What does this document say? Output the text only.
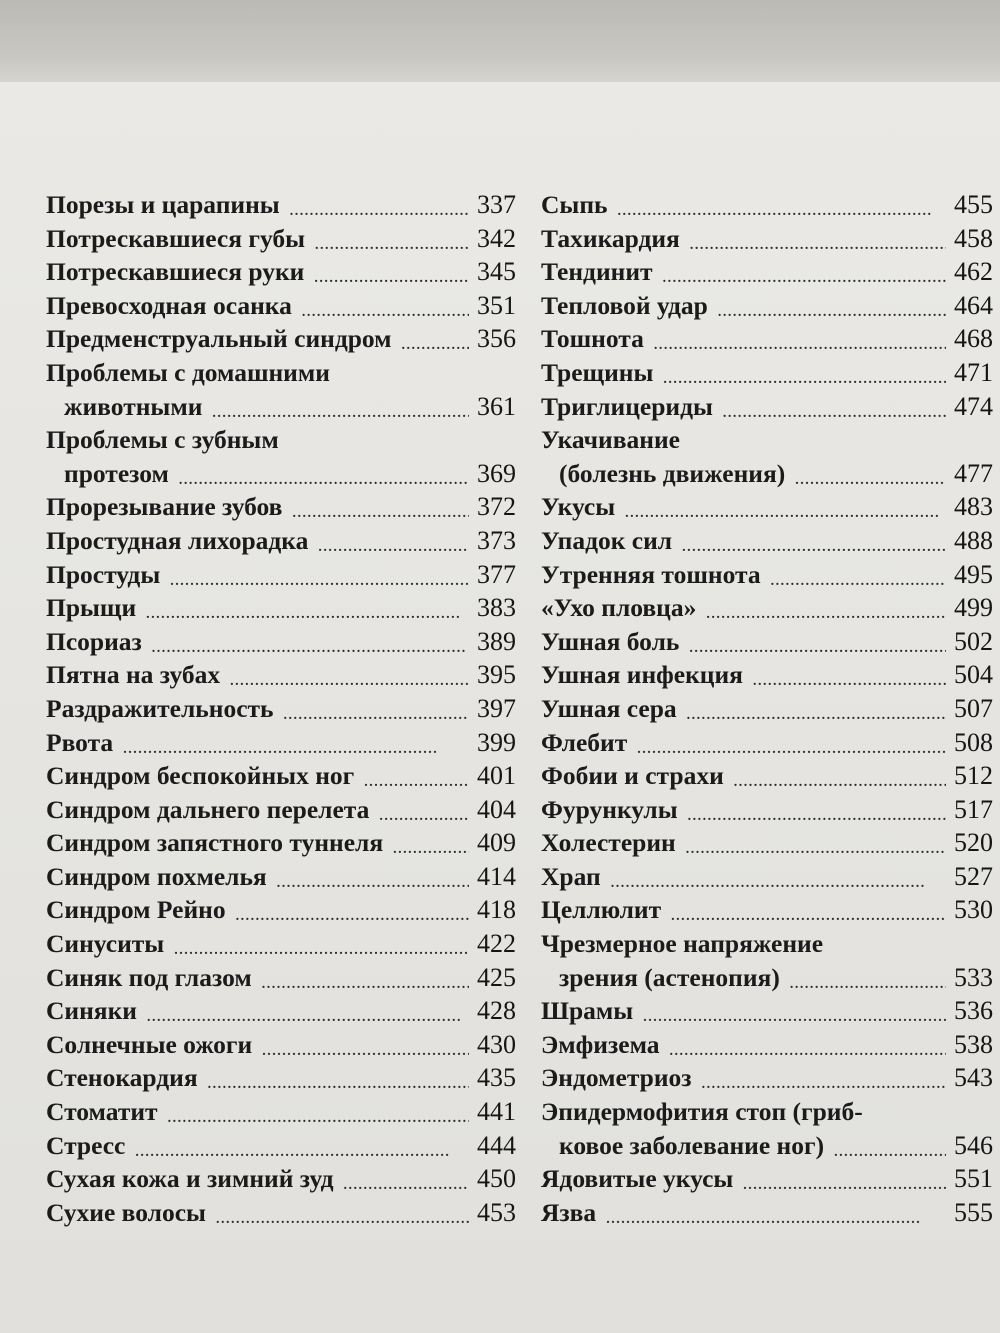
Порезы и царапины . . .	337
Потрескавшиеся губы . . .	342
Потрескавшиеся руки . . .	345
Превосходная осанка . . .	351
Предменструальный синдром . . .	356
Проблемы с домашними
животными . . .	361
Проблемы с зубным
протезом . . .	369
Прорезывание зубов . . .	372
Простудная лихорадка . . .	373
Простуды . . .	377
Прыщи . . .	383
Псориаз . . .	389
Пятна на зубах . . .	395
Раздражительность . . .	397
Рвота . . .	399
Синдром беспокойных ног . . .	401
Синдром дальнего перелета . . .	404
Синдром запястного туннеля . . .	409
Синдром похмелья . . .	414
Синдром Рейно . . .	418
Синуситы . . .	422
Синяк под глазом . . .	425
Синяки . . .	428
Солнечные ожоги . . .	430
Стенокардия . . .	435
Стоматит . . .	441
Стресс . . .	444
Сухая кожа и зимний зуд . . .	450
Сухие волосы . . .	453
Сыпь . . .	455
Тахикардия . . .	458
Тендинит . . .	462
Тепловой удар . . .	464
Тошнота . . .	468
Трещины . . .	471
Триглицериды . . .	474
Укачивание
(болезнь движения) . . .	477
Укусы . . .	483
Упадок сил . . .	488
Утренняя тошнота . . .	495
«Ухо пловца» . . .	499
Ушная боль . . .	502
Ушная инфекция . . .	504
Ушная сера . . .	507
Флебит . . .	508
Фобии и страхи . . .	512
Фурункулы . . .	517
Холестерин . . .	520
Храп . . .	527
Целлюлит . . .	530
Чрезмерное напряжение
зрения (астенопия) . . .	533
Шрамы . . .	536
Эмфизема . . .	538
Эндометриоз . . .	543
Эпидермофития стоп (гриб-
ковое заболевание ног) . . .	546
Ядовитые укусы . . .	551
Язва . . .	555
